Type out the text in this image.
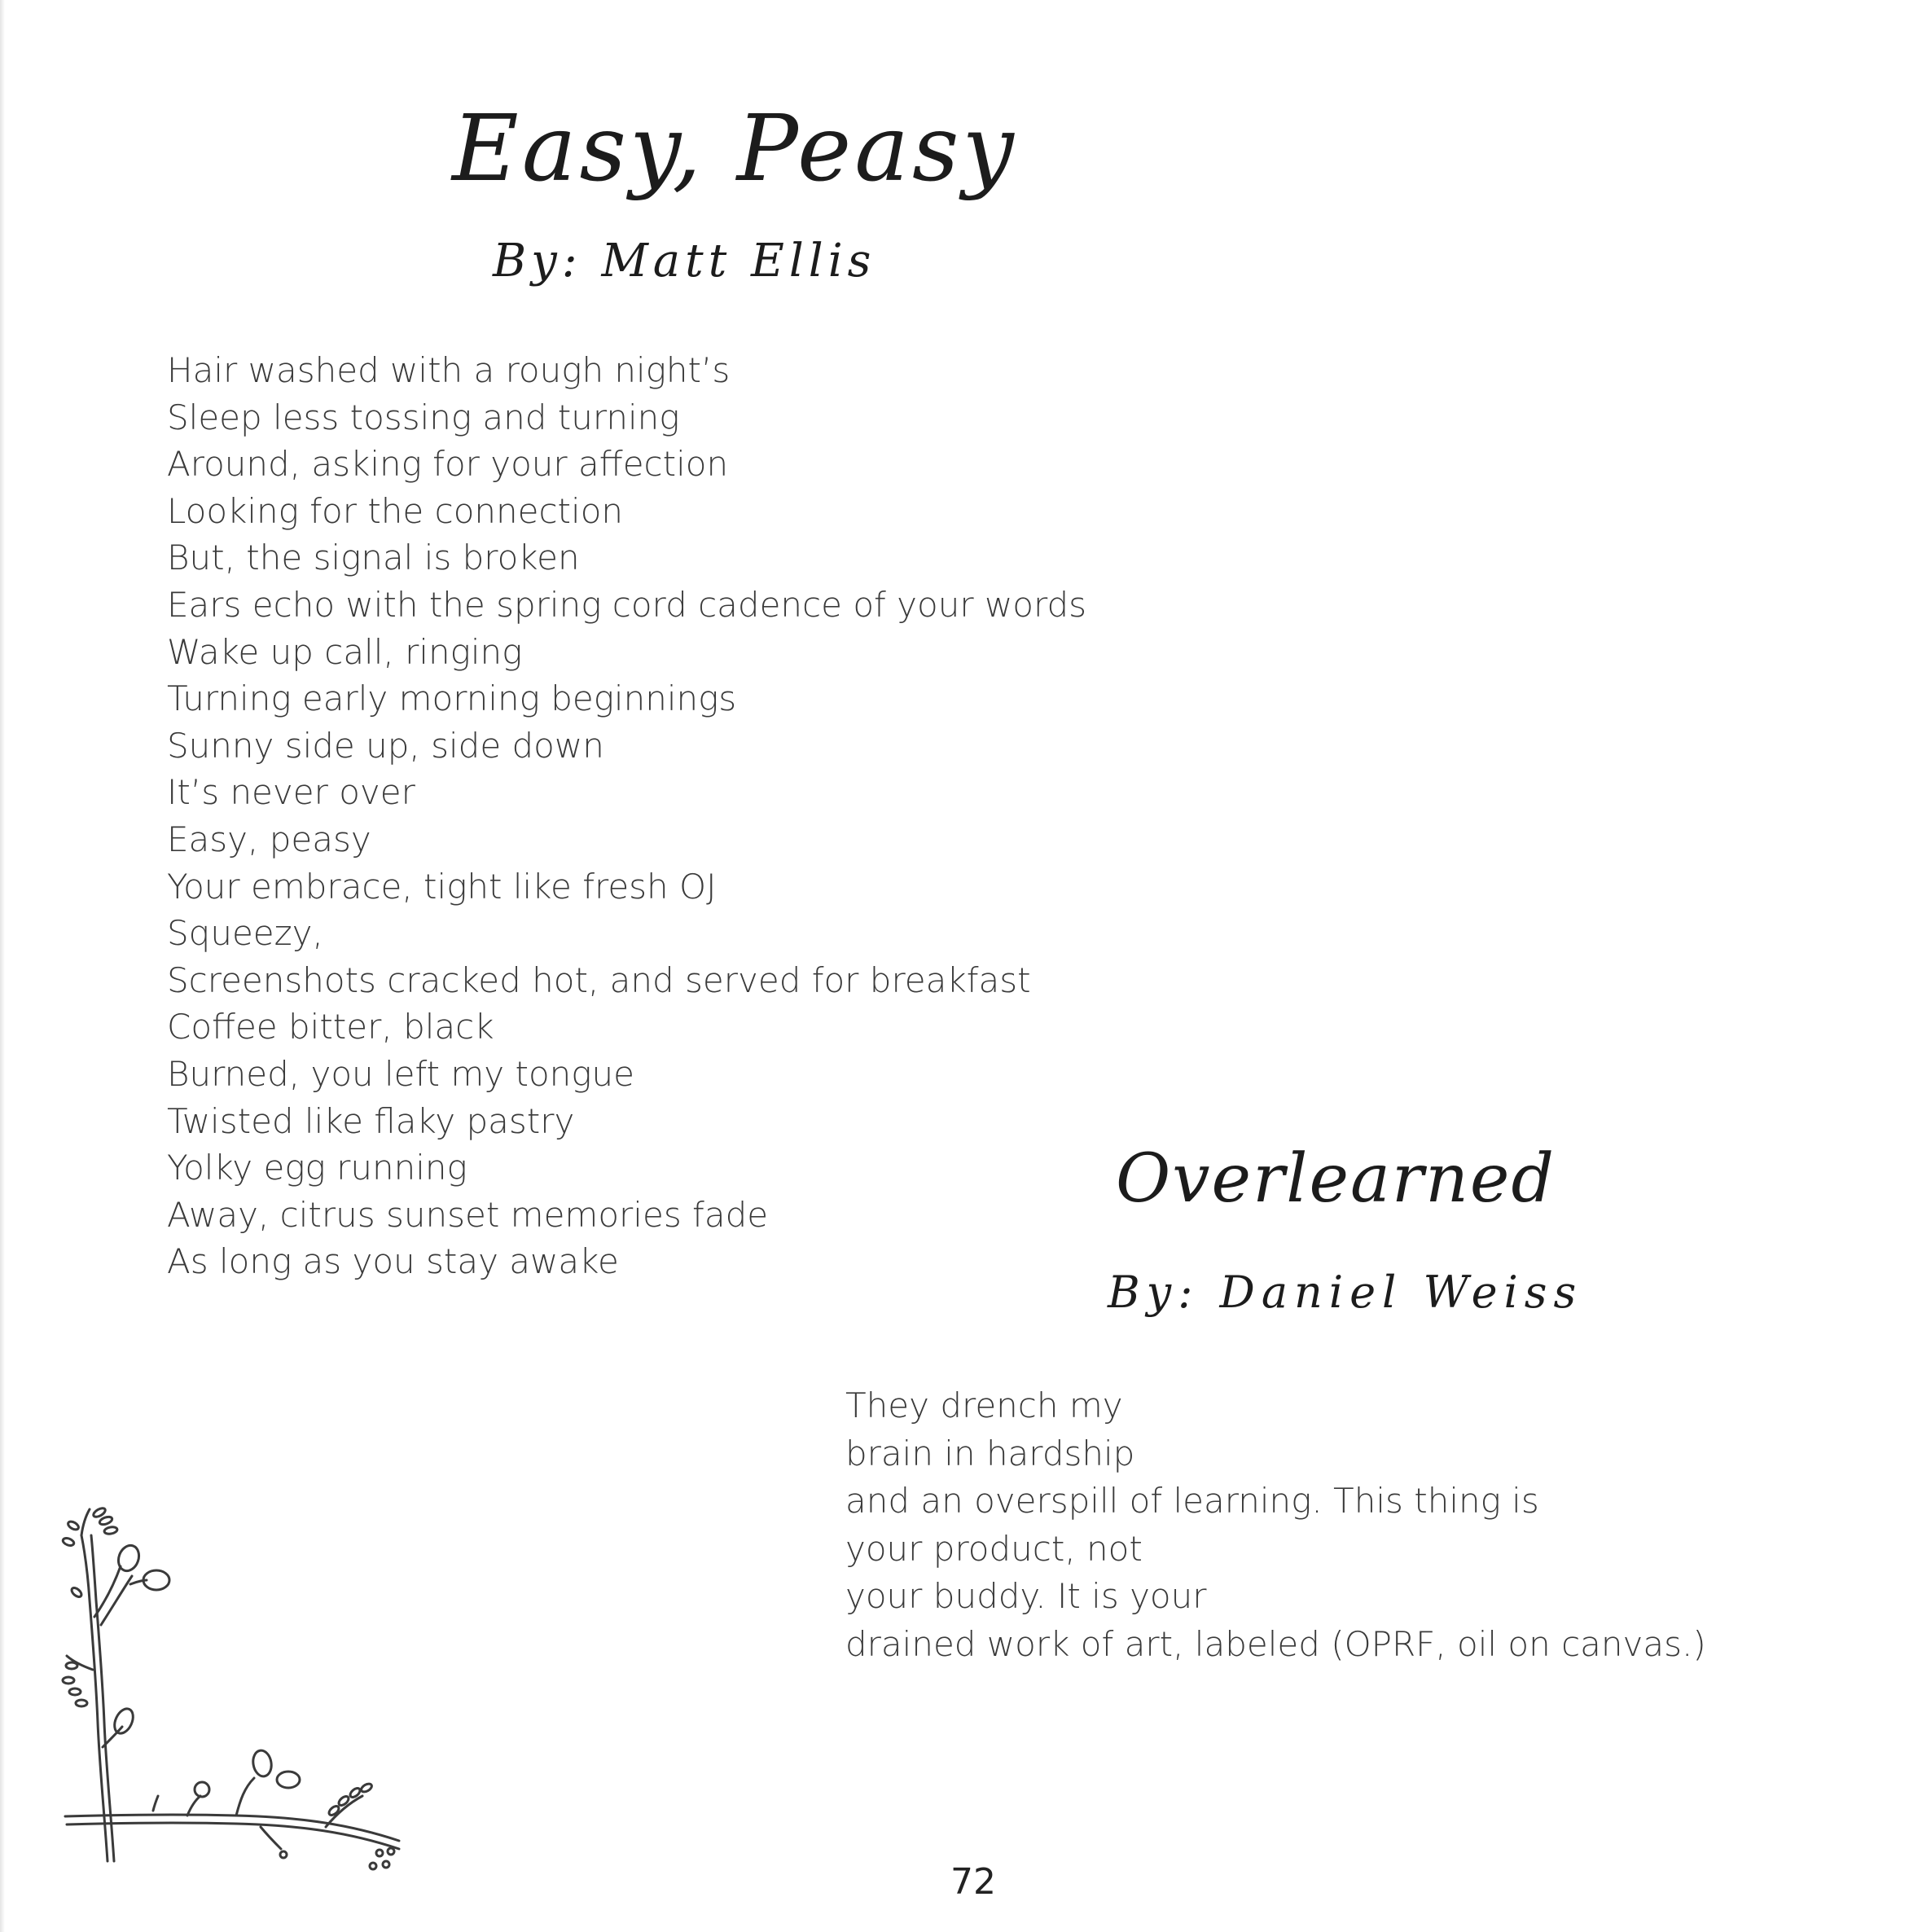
Easy, Peasy
By: Matt Ellis
Hair washed with a rough night’s
Sleep less tossing and turning
Around, asking for your affection
Looking for the connection
But, the signal is broken
Ears echo with the spring cord cadence of your words
Wake up call, ringing
Turning early morning beginnings
Sunny side up, side down
It’s never over
Easy, peasy
Your embrace, tight like fresh OJ
Squeezy,
Screenshots cracked hot, and served for breakfast
Coffee bitter, black
Burned, you left my tongue
Twisted like flaky pastry
Yolky egg running
Away, citrus sunset memories fade
As long as you stay awake
Overlearned
By: Daniel Weiss
They drench my
brain in hardship
and an overspill of learning. This thing is
your product, not
your buddy. It is your
drained work of art, labeled (OPRF, oil on canvas.)
72
